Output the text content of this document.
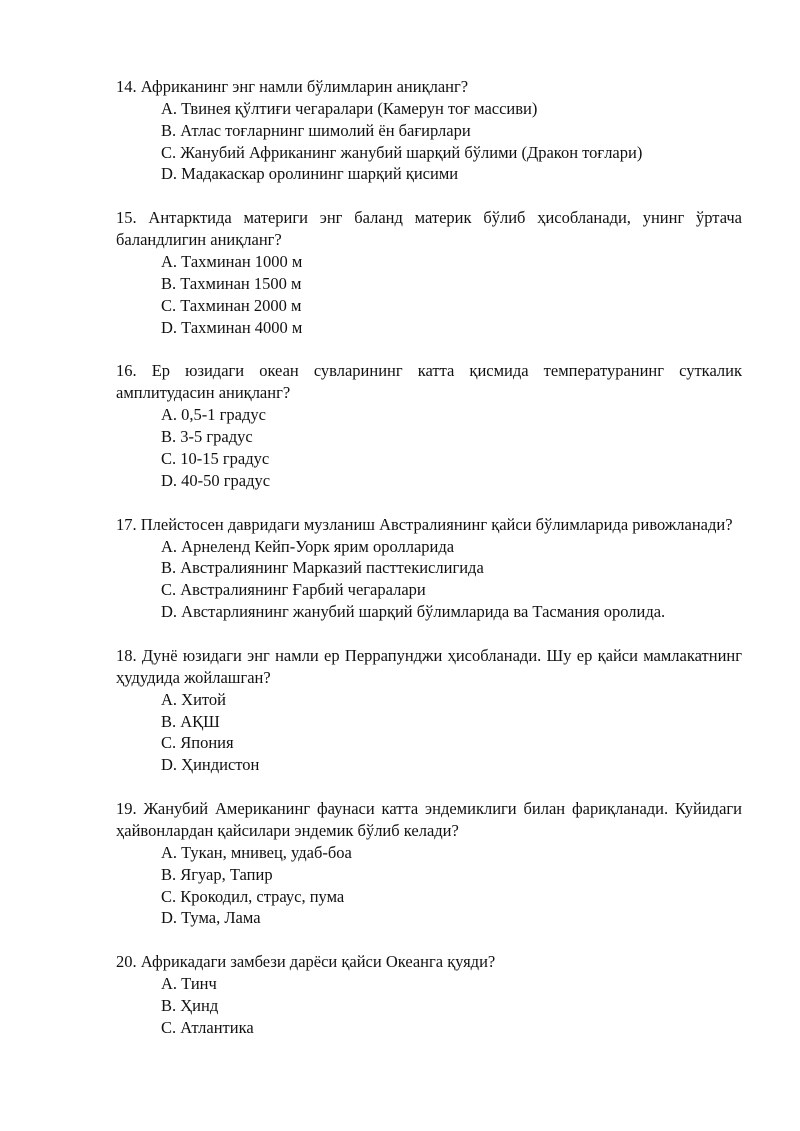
14. Африканинг энг намли бўлимларин аниқланг?

A. Твинея қўлтиғи чегаралари (Камерун тоғ массиви)
B. Атлас тоғларнинг шимолий ён бағирлари
C. Жанубий Африканинг жанубий шарқий бўлими (Дракон тоғлари)
D. Мадакаскар оролининг шарқий қисими

15. Антарктида материги энг баланд материк бўлиб ҳисобланади, унинг ўртача баландлигин аниқланг?

A. Тахминан 1000 м
B. Тахминан 1500 м
C. Тахминан 2000 м
D. Тахминан 4000 м

16. Ер юзидаги океан сувларининг катта қисмида температуранинг суткалик амплитудасин аниқланг?

A. 0,5-1 градус
B. 3-5 градус
C. 10-15 градус
D. 40-50 градус

17. Плейстосен давридаги музланиш Австралиянинг қайси бўлимларида ривожланади?

A. Арнеленд Кейп-Уорк ярим оролларида
B. Австралиянинг Марказий пасттекислигида
C. Австралиянинг Ғарбий чегаралари
D. Австарлиянинг жанубий шарқий бўлимларида ва Тасмания оролида.

18. Дунё юзидаги энг намли ер Перрапунджи ҳисобланади. Шу ер қайси мамлакатнинг ҳудудида жойлашган?

A. Хитой
B. АҚШ
C. Япония
D. Ҳиндистон

19. Жанубий Американинг фаунаси катта эндемиклиги билан фариқланади. Куйидаги ҳайвонлардан қайсилари эндемик бўлиб келади?

A. Тукан, мнивец, удаб-боа
B. Ягуар, Тапир
C. Крокодил, страус, пума
D. Тума, Лама

20. Африкадаги замбези дарёси қайси Океанга қуяди?

A. Тинч
B. Ҳинд
C. Атлантика
